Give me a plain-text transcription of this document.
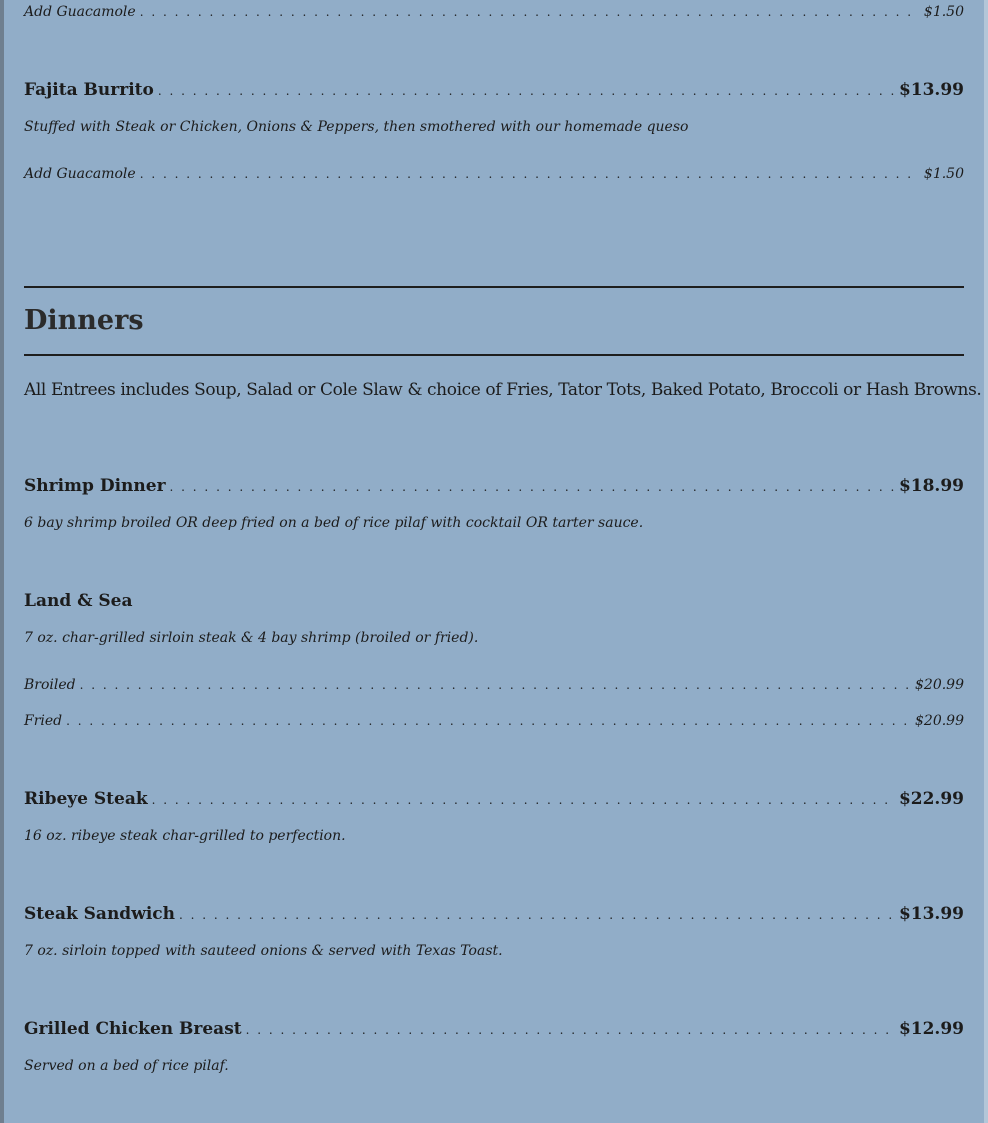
Add Guacamole . . .	$1.50
Fajita Burrito . . .	$13.99
Stuffed with Steak or Chicken, Onions & Peppers, then smothered with our homemade queso
Add Guacamole . . .	$1.50
Dinners
All Entrees includes Soup, Salad or Cole Slaw & choice of Fries, Tator Tots, Baked Potato, Broccoli or Hash Browns.
Shrimp Dinner . . .	$18.99
6 bay shrimp broiled OR deep fried on a bed of rice pilaf with cocktail OR tarter sauce.
Land & Sea
7 oz. char-grilled sirloin steak & 4 bay shrimp (broiled or fried).
Broiled . . .	$20.99
Fried . . .	$20.99
Ribeye Steak . . .	$22.99
16 oz. ribeye steak char-grilled to perfection.
Steak Sandwich . . .	$13.99
7 oz. sirloin topped with sauteed onions & served with Texas Toast.
Grilled Chicken Breast . . .	$12.99
Served on a bed of rice pilaf.
